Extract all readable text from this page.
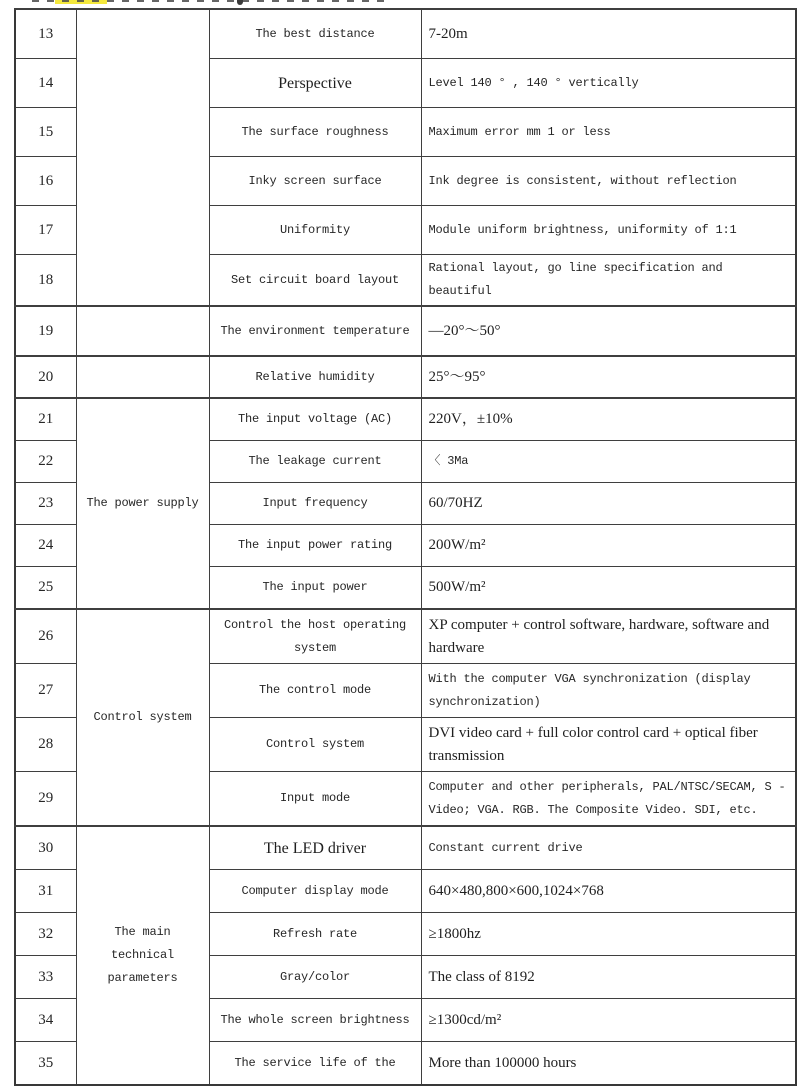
13		The best distance	7-20m
14		Perspective	Level 140 ° , 140 ° vertically
15		The surface roughness	Maximum error mm 1 or less
16		Inky screen surface	Ink degree is consistent, without reflection
17		Uniformity	Module uniform brightness, uniformity of 1:1
18		Set circuit board layout	Rational layout, go line specification and beautiful
19		The environment temperature	—20°～50°
20		Relative humidity	25°～95°
21	The power supply	The input voltage (AC)	220V，±10%
22		The leakage current	〈 3Ma
23		Input frequency	60/70HZ
24		The input power rating	200W/m²
25		The input power	500W/m²
26	Control system	Control the host operating system	XP computer + control software, hardware, software and hardware
27		The control mode	With the computer VGA synchronization (display synchronization)
28		Control system	DVI video card + full color control card + optical fiber transmission
29		Input mode	Computer and other peripherals, PAL/NTSC/SECAM, S - Video; VGA. RGB. The Composite Video. SDI, etc.
30	The main technical parameters	The LED driver	Constant current drive
31		Computer display mode	640×480,800×600,1024×768
32		Refresh rate	≥1800hz
33		Gray/color	The class of 8192
34		The whole screen brightness	≥1300cd/m²
35		The service life of the	More than 100000 hours
